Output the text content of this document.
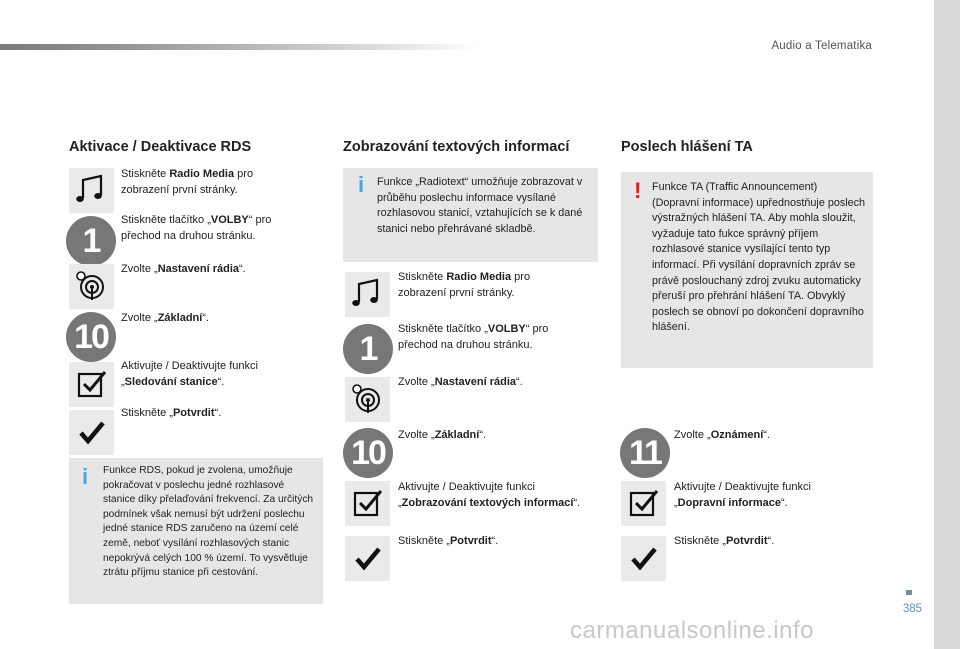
Audio a Telematika
385
carmanualsonline.info
Aktivace / Deaktivace RDS
Stiskněte Radio Media pro zobrazení první stránky.
1
Stiskněte tlačítko „VOLBY“ pro přechod na druhou stránku.
Zvolte „Nastavení rádia“.
10	Zvolte „Základní“.
Aktivujte / Deaktivujte funkci „Sledování stanice“.
Stiskněte „Potvrdit“.
i Funkce RDS, pokud je zvolena, umožňuje pokračovat v poslechu jedné rozhlasové stanice díky přelaďování frekvencí. Za určitých podmínek však nemusí být udržení poslechu jedné stanice RDS zaručeno na území celé země, neboť vysílání rozhlasových stanic nepokrývá celých 100 % území. To vysvětluje ztrátu příjmu stanice při cestování.
Zobrazování textových informací
i Funkce „Radiotext“ umožňuje zobrazovat v průběhu poslechu informace vysílané rozhlasovou stanicí, vztahujících se k dané stanici nebo přehrávané skladbě.
Stiskněte Radio Media pro zobrazení první stránky.
1
Stiskněte tlačítko „VOLBY“ pro přechod na druhou stránku.
Zvolte „Nastavení rádia“.
10	Zvolte „Základní“.
Aktivujte / Deaktivujte funkci „Zobrazování textových informací“.
Stiskněte „Potvrdit“.
Poslech hlášení TA
! Funkce TA (Traffic Announcement) (Dopravní informace) upřednostňuje poslech výstražných hlášení TA. Aby mohla sloužit, vyžaduje tato fukce správný příjem rozhlasové stanice vysílající tento typ informací. Při vysílání dopravních zpráv se právě poslouchaný zdroj zvuku automaticky přeruší pro přehrání hlášení TA. Obvyklý poslech se obnoví po dokončení dopravního hlášení.
11	Zvolte „Oznámení“.
Aktivujte / Deaktivujte funkci „Dopravní informace“.
Stiskněte „Potvrdit“.
